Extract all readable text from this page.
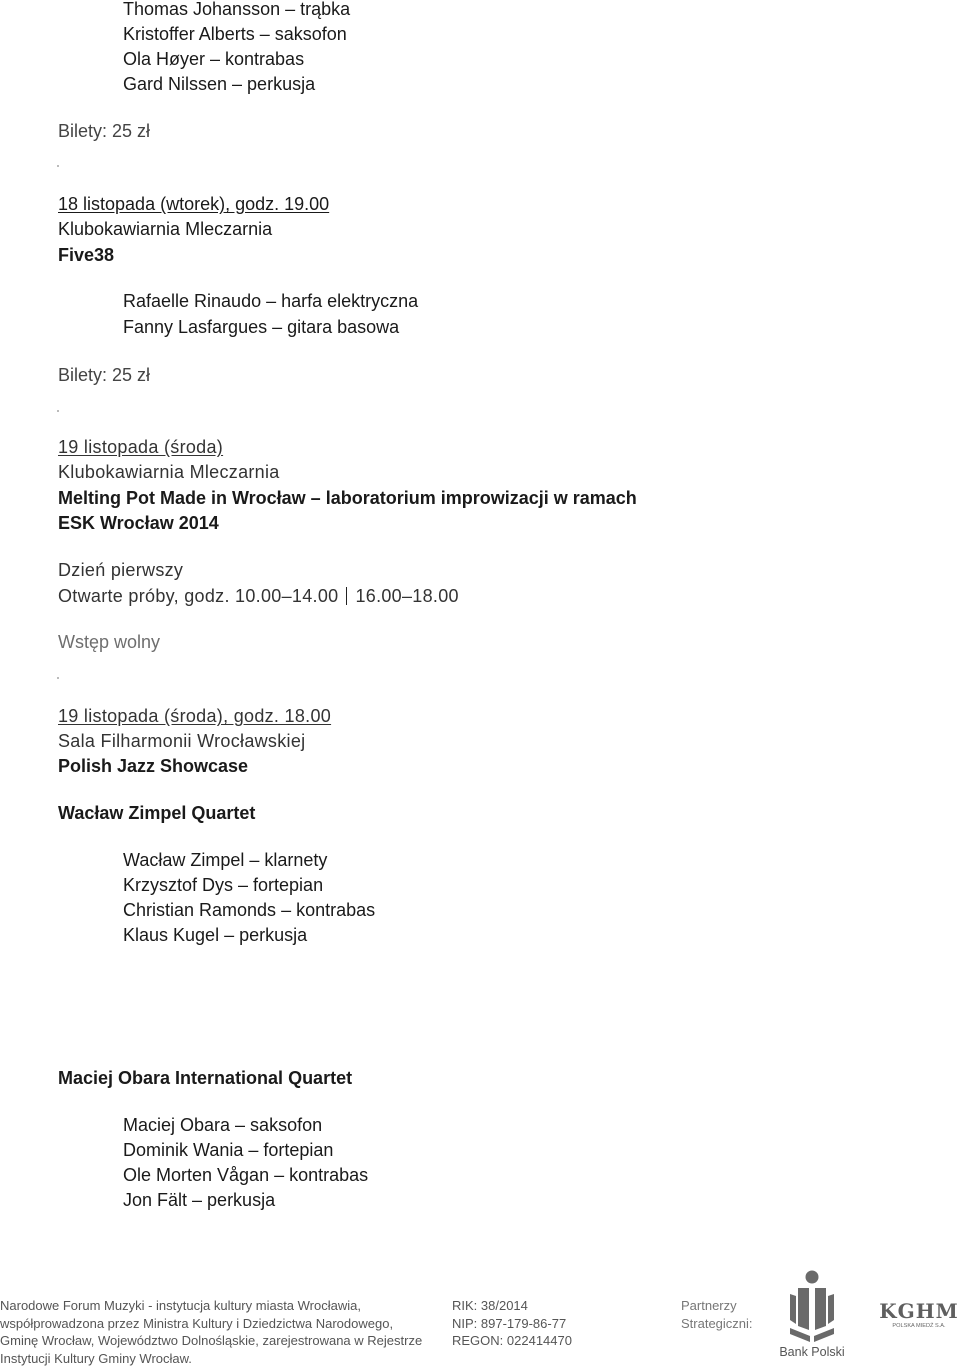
Thomas Johansson – trąbka
Kristoffer Alberts – saksofon
Ola Høyer – kontrabas
Gard Nilssen – perkusja
Bilety: 25 zł
18 listopada (wtorek), godz. 19.00
Klubokawiarnia Mleczarnia
Five38
Rafaelle Rinaudo – harfa elektryczna
Fanny Lasfargues – gitara basowa
Bilety: 25 zł
19 listopada (środa)
Klubokawiarnia Mleczarnia
Melting Pot Made in Wrocław – laboratorium improwizacji w ramach
ESK Wrocław 2014
Dzień pierwszy
Otwarte próby, godz. 10.00–14.00 16.00–18.00
Wstęp wolny
19 listopada (środa), godz. 18.00
Sala Filharmonii Wrocławskiej
Polish Jazz Showcase
Wacław Zimpel Quartet
Wacław Zimpel – klarnety
Krzysztof Dys – fortepian
Christian Ramonds – kontrabas
Klaus Kugel – perkusja
Maciej Obara International Quartet
Maciej Obara – saksofon
Dominik Wania – fortepian
Ole Morten Vågan – kontrabas
Jon Fält – perkusja
Narodowe Forum Muzyki - instytucja kultury miasta Wrocławia,
współprowadzona przez Ministra Kultury i Dziedzictwa Narodowego,
Gminę Wrocław, Województwo Dolnośląskie, zarejestrowana w Rejestrze
Instytucji Kultury Gminy Wrocław.
RIK: 38/2014
NIP: 897-179-86-77
REGON: 022414470
Partnerzy
Strategiczni:
Bank Polski
KGHM
POLSKA MIEDŹ S.A.
